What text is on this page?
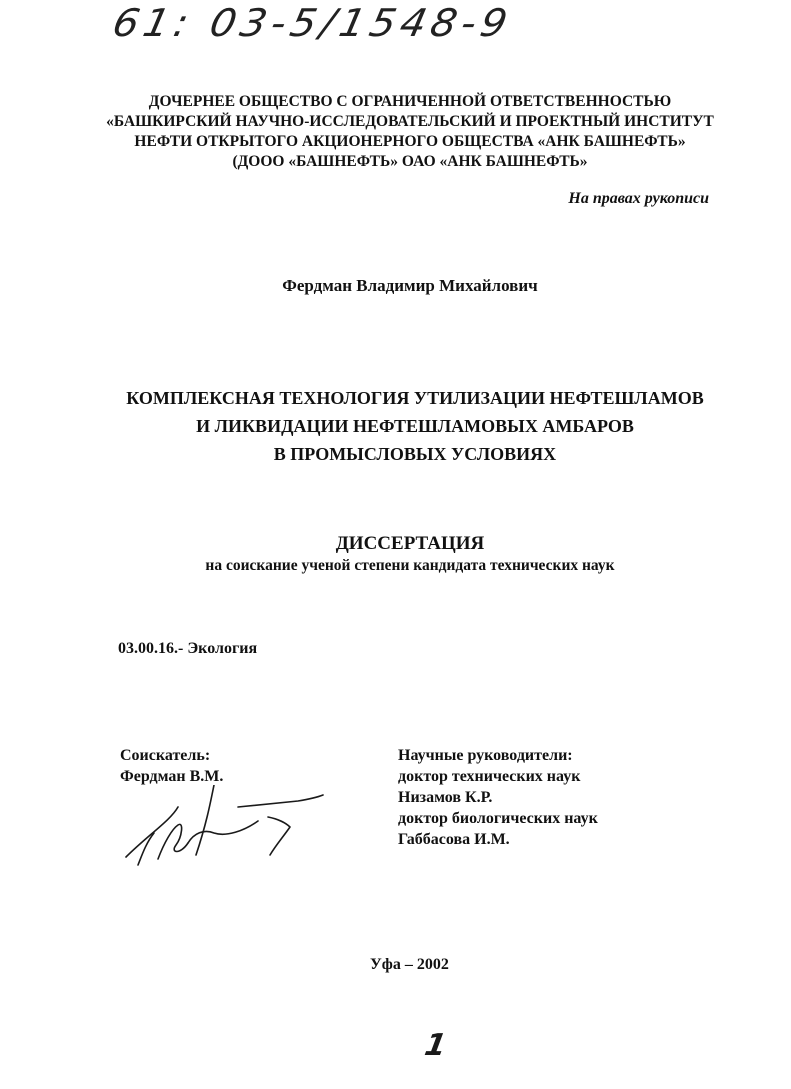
61: 03-5/1548-9
ДОЧЕРНЕЕ ОБЩЕСТВО С ОГРАНИЧЕННОЙ ОТВЕТСТВЕННОСТЬЮ
«БАШКИРСКИЙ НАУЧНО-ИССЛЕДОВАТЕЛЬСКИЙ И ПРОЕКТНЫЙ ИНСТИТУТ
НЕФТИ ОТКРЫТОГО АКЦИОНЕРНОГО ОБЩЕСТВА «АНК БАШНЕФТЬ»
(ДООО «БАШНЕФТЬ» ОАО «АНК БАШНЕФТЬ»
На правах рукописи
Фердман Владимир Михайлович
КОМПЛЕКСНАЯ ТЕХНОЛОГИЯ УТИЛИЗАЦИИ НЕФТЕШЛАМОВ
И ЛИКВИДАЦИИ НЕФТЕШЛАМОВЫХ АМБАРОВ
В ПРОМЫСЛОВЫХ УСЛОВИЯХ
ДИССЕРТАЦИЯ
на соискание ученой степени кандидата технических наук
03.00.16.- Экология
Соискатель:
Фердман В.М.
Научные руководители:
доктор технических наук
Низамов К.Р.
доктор биологических наук
Габбасова И.М.
Уфа – 2002
1
